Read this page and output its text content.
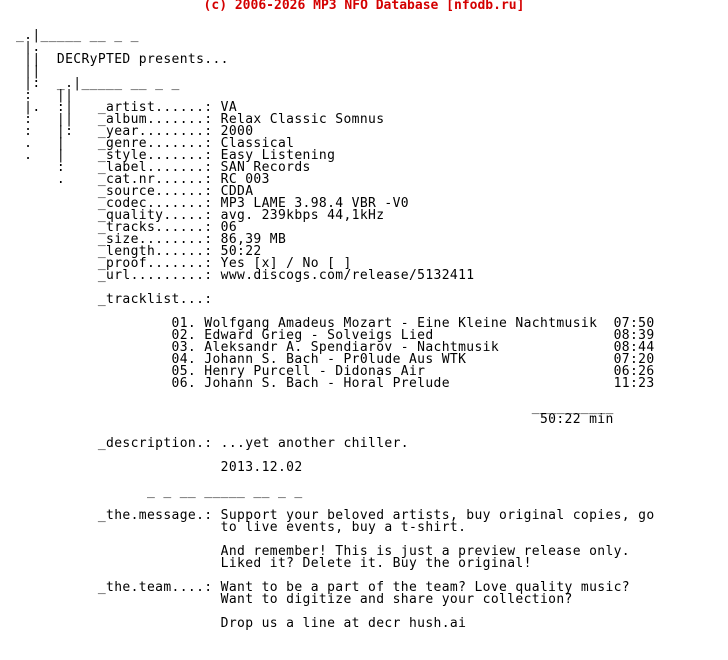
(c) 2006-2026 MP3 NFO Database [nfodb.ru]
_.|_____ __ _ _
|.
||  DECRyPTED presents...
||
|:  _.|_____ __ _ _
:   ||
|.  :|   _artist......: VA
:   ||   _album.......: Relax Classic Somnus
:   |:   _year........: 2000
.   |    _genre.......: Classical
.   |    _style.......: Easy Listening
:    _label.......: SAN Records
.    _cat.nr......: RC 003
_source......: CDDA
_codec.......: MP3 LAME 3.98.4 VBR -V0
_quality.....: avg. 239kbps 44,1kHz
_tracks......: 06
_size........: 86,39 MB
_length......: 50:22
_proof.......: Yes [x] / No [ ]
_url.........: www.discogs.com/release/5132411
_tracklist...:
01. Wolfgang Amadeus Mozart - Eine Kleine Nachtmusik  07:50
02. Edward Grieg - Solveigs Lied                      08:39
03. Aleksandr A. Spendiarov - Nachtmusik              08:44
04. Johann S. Bach - Pr0lude Aus WTK                  07:20
05. Henry Purcell - Didonas Air                       06:26
06. Johann S. Bach - Horal Prelude                    11:23
__________
50:22 min
_description.: ...yet another chiller.
2013.12.02
_ _ __ _____ __ _ _
_the.message.: Support your beloved artists, buy original copies, go
to live events, buy a t-shirt.
And remember! This is just a preview release only.
Liked it? Delete it. Buy the original!
_the.team....: Want to be a part of the team? Love quality music?
Want to digitize and share your collection?
Drop us a line at decr hush.ai
